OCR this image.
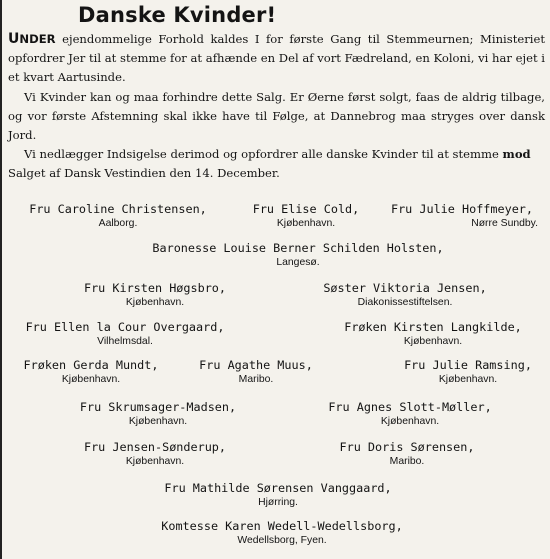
Danske Kvinder!

UNDER ejendommelige Forhold kaldes I for første Gang til Stemmeurnen; Ministeriet opfordrer Jer til at stemme for at afhænde en Del af vort Fædreland, en Koloni, vi har ejet i et kvart Aartusinde.

Vi Kvinder kan og maa forhindre dette Salg. Er Øerne først solgt, faas de aldrig tilbage, og vor første Afstemning skal ikke have til Følge, at Dannebrog maa stryges over dansk Jord.

Vi nedlægger Indsigelse derimod og opfordrer alle danske Kvinder til at stemme mod Salget af Dansk Vestindien den 14. December.

Fru Caroline Christensen,
Aalborg.
Fru Elise Cold,
Kjøbenhavn.
Fru Julie Hoffmeyer,
Nørre Sundby.
Baronesse Louise Berner Schilden Holsten,
Langesø.
Fru Kirsten Høgsbro,
Kjøbenhavn.
Søster Viktoria Jensen,
Diakonissestiftelsen.
Fru Ellen la Cour Overgaard,
Vilhelmsdal.
Frøken Kirsten Langkilde,
Kjøbenhavn.
Frøken Gerda Mundt,
Kjøbenhavn.
Fru Agathe Muus,
Maribo.
Fru Julie Ramsing,
Kjøbenhavn.
Fru Skrumsager-Madsen,
Kjøbenhavn.
Fru Agnes Slott-Møller,
Kjøbenhavn.
Fru Jensen-Sønderup,
Kjøbenhavn.
Fru Doris Sørensen,
Maribo.
Fru Mathilde Sørensen Vanggaard,
Hjørring.
Komtesse Karen Wedell-Wedellsborg,
Wedellsborg, Fyen.
